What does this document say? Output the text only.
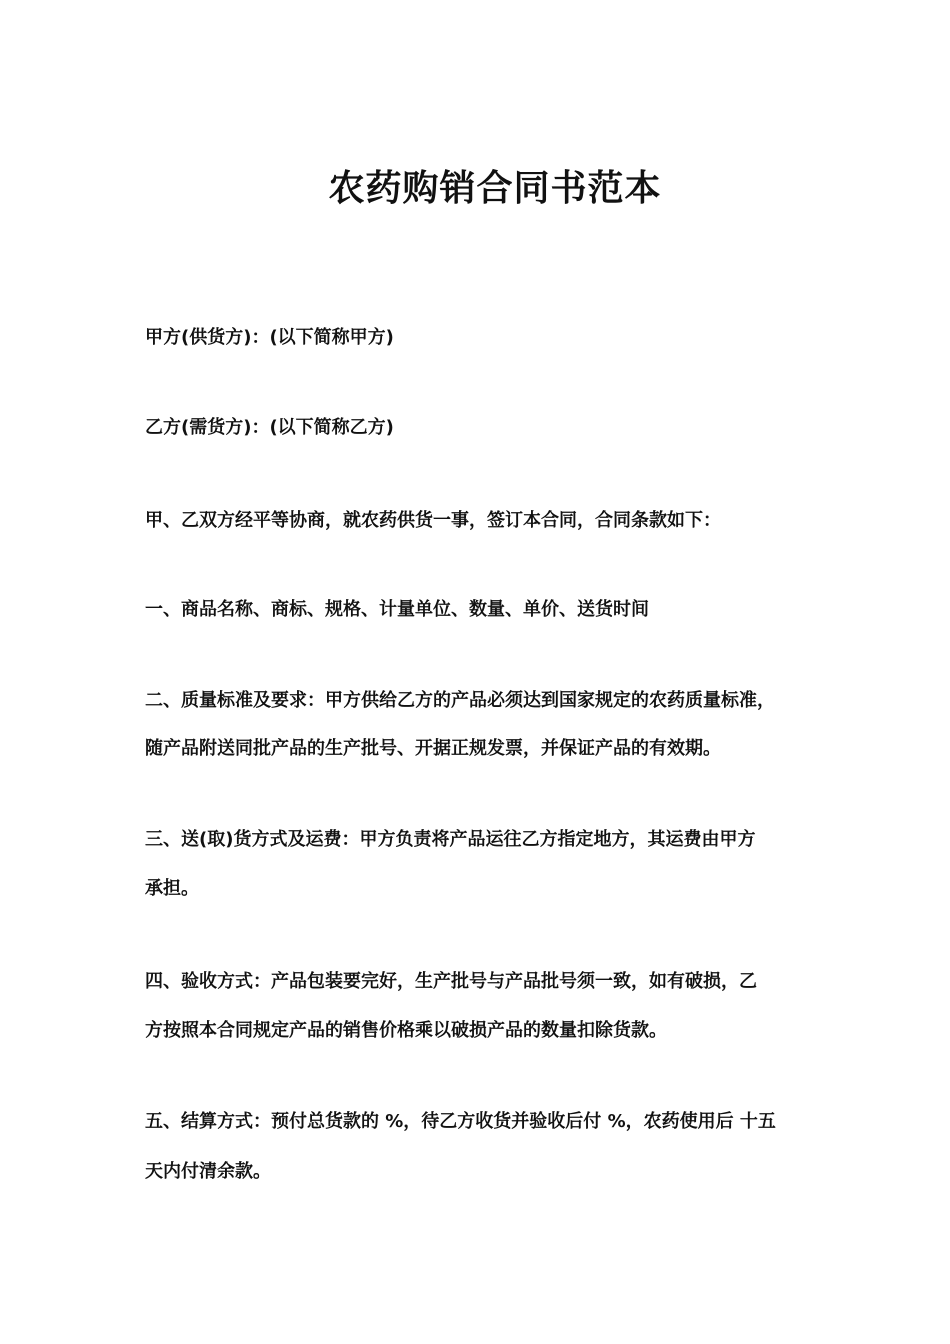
农药购销合同书范本
甲方(供货方)：(以下简称甲方)
乙方(需货方)：(以下简称乙方)
甲、乙双方经平等协商，就农药供货一事，签订本合同，合同条款如下：
一、商品名称、商标、规格、计量单位、数量、单价、送货时间
二、质量标准及要求：甲方供给乙方的产品必须达到国家规定的农药质量标准，
随产品附送同批产品的生产批号、开据正规发票，并保证产品的有效期。
三、送(取)货方式及运费：甲方负责将产品运往乙方指定地方，其运费由甲方
承担。
四、验收方式：产品包装要完好，生产批号与产品批号须一致，如有破损，乙
方按照本合同规定产品的销售价格乘以破损产品的数量扣除货款。
五、结算方式：预付总货款的 %，待乙方收货并验收后付 %，农药使用后 十五
天内付清余款。
